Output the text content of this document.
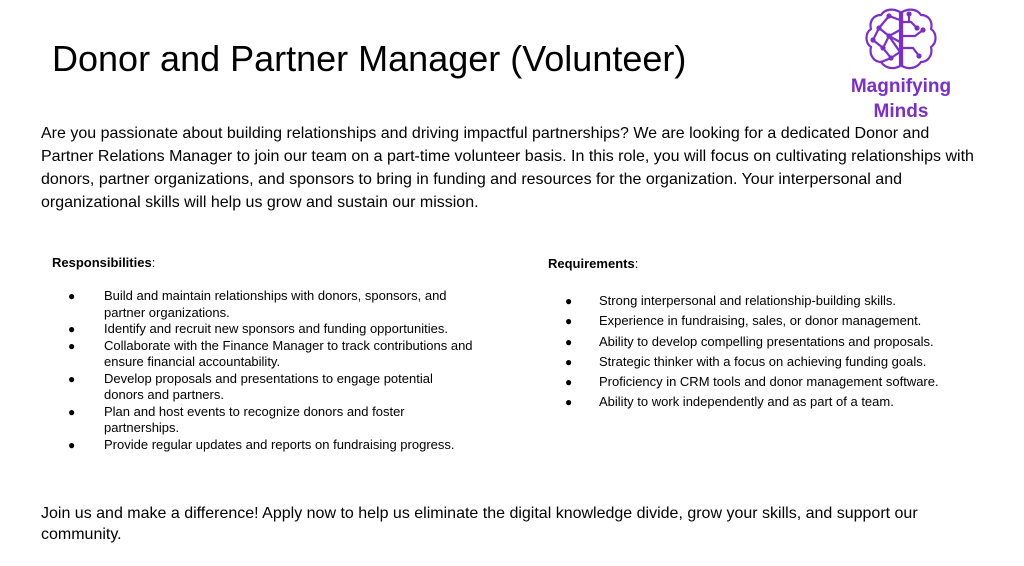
Donor and Partner Manager (Volunteer)
Magnifying
Minds

Are you passionate about building relationships and driving impactful partnerships? We are looking for a dedicated Donor and Partner Relations Manager to join our team on a part-time volunteer basis. In this role, you will focus on cultivating relationships with donors, partner organizations, and sponsors to bring in funding and resources for the organization. Your interpersonal and organizational skills will help us grow and sustain our mission.

Responsibilities:
● Build and maintain relationships with donors, sponsors, and partner organizations.
● Identify and recruit new sponsors and funding opportunities.
● Collaborate with the Finance Manager to track contributions and ensure financial accountability.
● Develop proposals and presentations to engage potential donors and partners.
● Plan and host events to recognize donors and foster partnerships.
● Provide regular updates and reports on fundraising progress.
Requirements:
● Strong interpersonal and relationship-building skills.
● Experience in fundraising, sales, or donor management.
● Ability to develop compelling presentations and proposals.
● Strategic thinker with a focus on achieving funding goals.
● Proficiency in CRM tools and donor management software.
● Ability to work independently and as part of a team.

Join us and make a difference! Apply now to help us eliminate the digital knowledge divide, grow your skills, and support our community.
